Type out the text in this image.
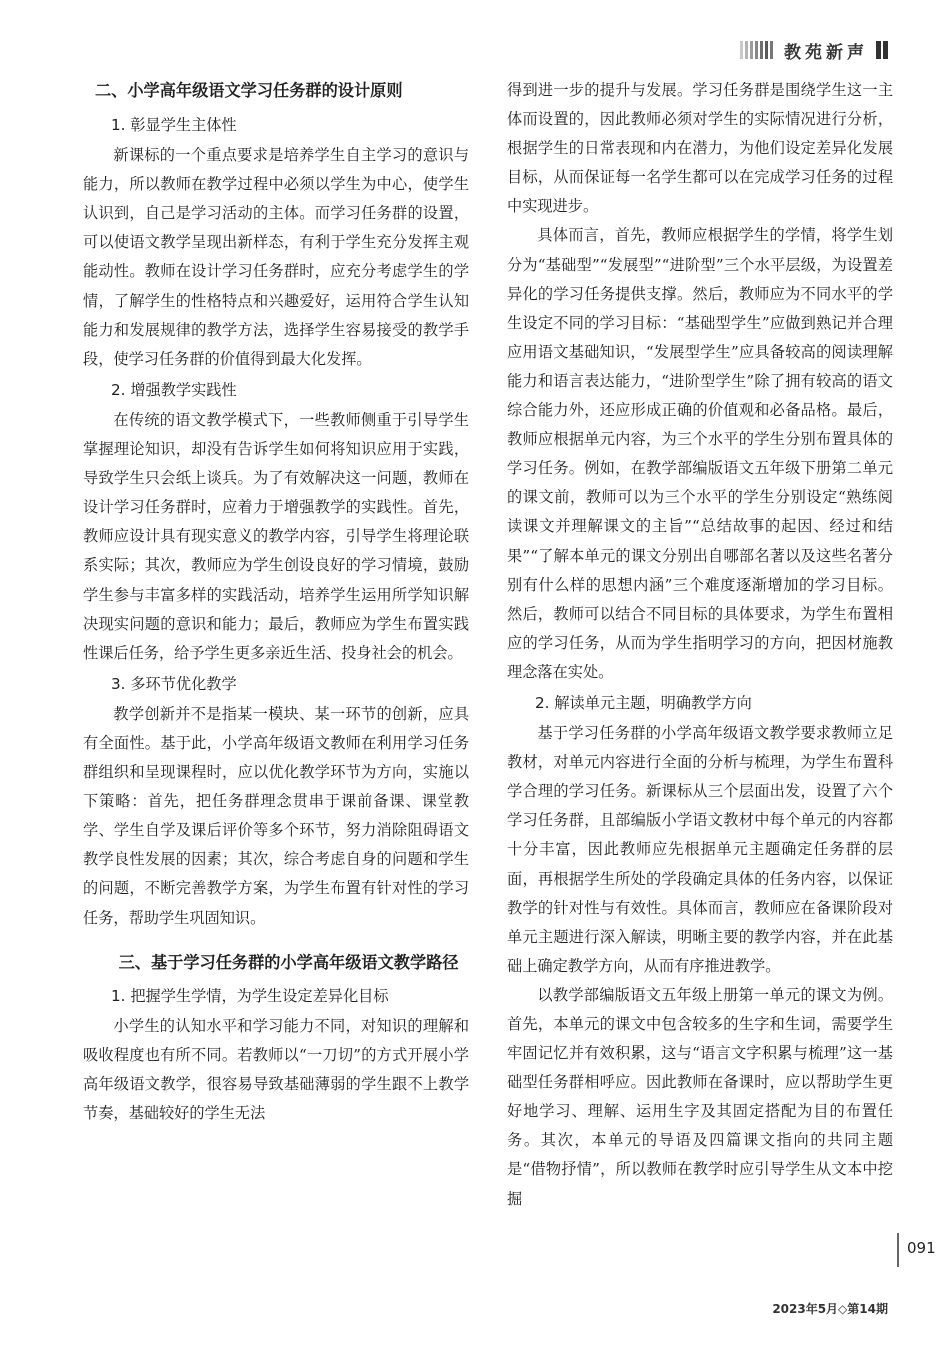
教苑新声
二、小学高年级语文学习任务群的设计原则
1. 彰显学生主体性

新课标的一个重点要求是培养学生自主学习的意识与能力，所以教师在教学过程中必须以学生为中心，使学生认识到，自己是学习活动的主体。而学习任务群的设置，可以使语文教学呈现出新样态，有利于学生充分发挥主观能动性。教师在设计学习任务群时，应充分考虑学生的学情，了解学生的性格特点和兴趣爱好，运用符合学生认知能力和发展规律的教学方法，选择学生容易接受的教学手段，使学习任务群的价值得到最大化发挥。

2. 增强教学实践性

在传统的语文教学模式下，一些教师侧重于引导学生掌握理论知识，却没有告诉学生如何将知识应用于实践，导致学生只会纸上谈兵。为了有效解决这一问题，教师在设计学习任务群时，应着力于增强教学的实践性。首先，教师应设计具有现实意义的教学内容，引导学生将理论联系实际；其次，教师应为学生创设良好的学习情境，鼓励学生参与丰富多样的实践活动，培养学生运用所学知识解决现实问题的意识和能力；最后，教师应为学生布置实践性课后任务，给予学生更多亲近生活、投身社会的机会。

3. 多环节优化教学

教学创新并不是指某一模块、某一环节的创新，应具有全面性。基于此，小学高年级语文教师在利用学习任务群组织和呈现课程时，应以优化教学环节为方向，实施以下策略：首先，把任务群理念贯串于课前备课、课堂教学、学生自学及课后评价等多个环节，努力消除阻碍语文教学良性发展的因素；其次，综合考虑自身的问题和学生的问题，不断完善教学方案，为学生布置有针对性的学习任务，帮助学生巩固知识。

三、基于学习任务群的小学高年级语文教学路径
1. 把握学生学情，为学生设定差异化目标

小学生的认知水平和学习能力不同，对知识的理解和吸收程度也有所不同。若教师以“一刀切”的方式开展小学高年级语文教学，很容易导致基础薄弱的学生跟不上教学节奏，基础较好的学生无法

得到进一步的提升与发展。学习任务群是围绕学生这一主体而设置的，因此教师必须对学生的实际情况进行分析，根据学生的日常表现和内在潜力，为他们设定差异化发展目标，从而保证每一名学生都可以在完成学习任务的过程中实现进步。

具体而言，首先，教师应根据学生的学情，将学生划分为“基础型”“发展型”“进阶型”三个水平层级，为设置差异化的学习任务提供支撑。然后，教师应为不同水平的学生设定不同的学习目标：“基础型学生”应做到熟记并合理应用语文基础知识，“发展型学生”应具备较高的阅读理解能力和语言表达能力，“进阶型学生”除了拥有较高的语文综合能力外，还应形成正确的价值观和必备品格。最后，教师应根据单元内容，为三个水平的学生分别布置具体的学习任务。例如，在教学部编版语文五年级下册第二单元的课文前，教师可以为三个水平的学生分别设定“熟练阅读课文并理解课文的主旨”“总结故事的起因、经过和结果”“了解本单元的课文分别出自哪部名著以及这些名著分别有什么样的思想内涵”三个难度逐渐增加的学习目标。然后，教师可以结合不同目标的具体要求，为学生布置相应的学习任务，从而为学生指明学习的方向，把因材施教理念落在实处。

2. 解读单元主题，明确教学方向

基于学习任务群的小学高年级语文教学要求教师立足教材，对单元内容进行全面的分析与梳理，为学生布置科学合理的学习任务。新课标从三个层面出发，设置了六个学习任务群，且部编版小学语文教材中每个单元的内容都十分丰富，因此教师应先根据单元主题确定任务群的层面，再根据学生所处的学段确定具体的任务内容，以保证教学的针对性与有效性。具体而言，教师应在备课阶段对单元主题进行深入解读，明晰主要的教学内容，并在此基础上确定教学方向，从而有序推进教学。

以教学部编版语文五年级上册第一单元的课文为例。首先，本单元的课文中包含较多的生字和生词，需要学生牢固记忆并有效积累，这与“语言文字积累与梳理”这一基础型任务群相呼应。因此教师在备课时，应以帮助学生更好地学习、理解、运用生字及其固定搭配为目的布置任务。其次，本单元的导语及四篇课文指向的共同主题是“借物抒情”，所以教师在教学时应引导学生从文本中挖掘

091
2023年5月◇第14期
